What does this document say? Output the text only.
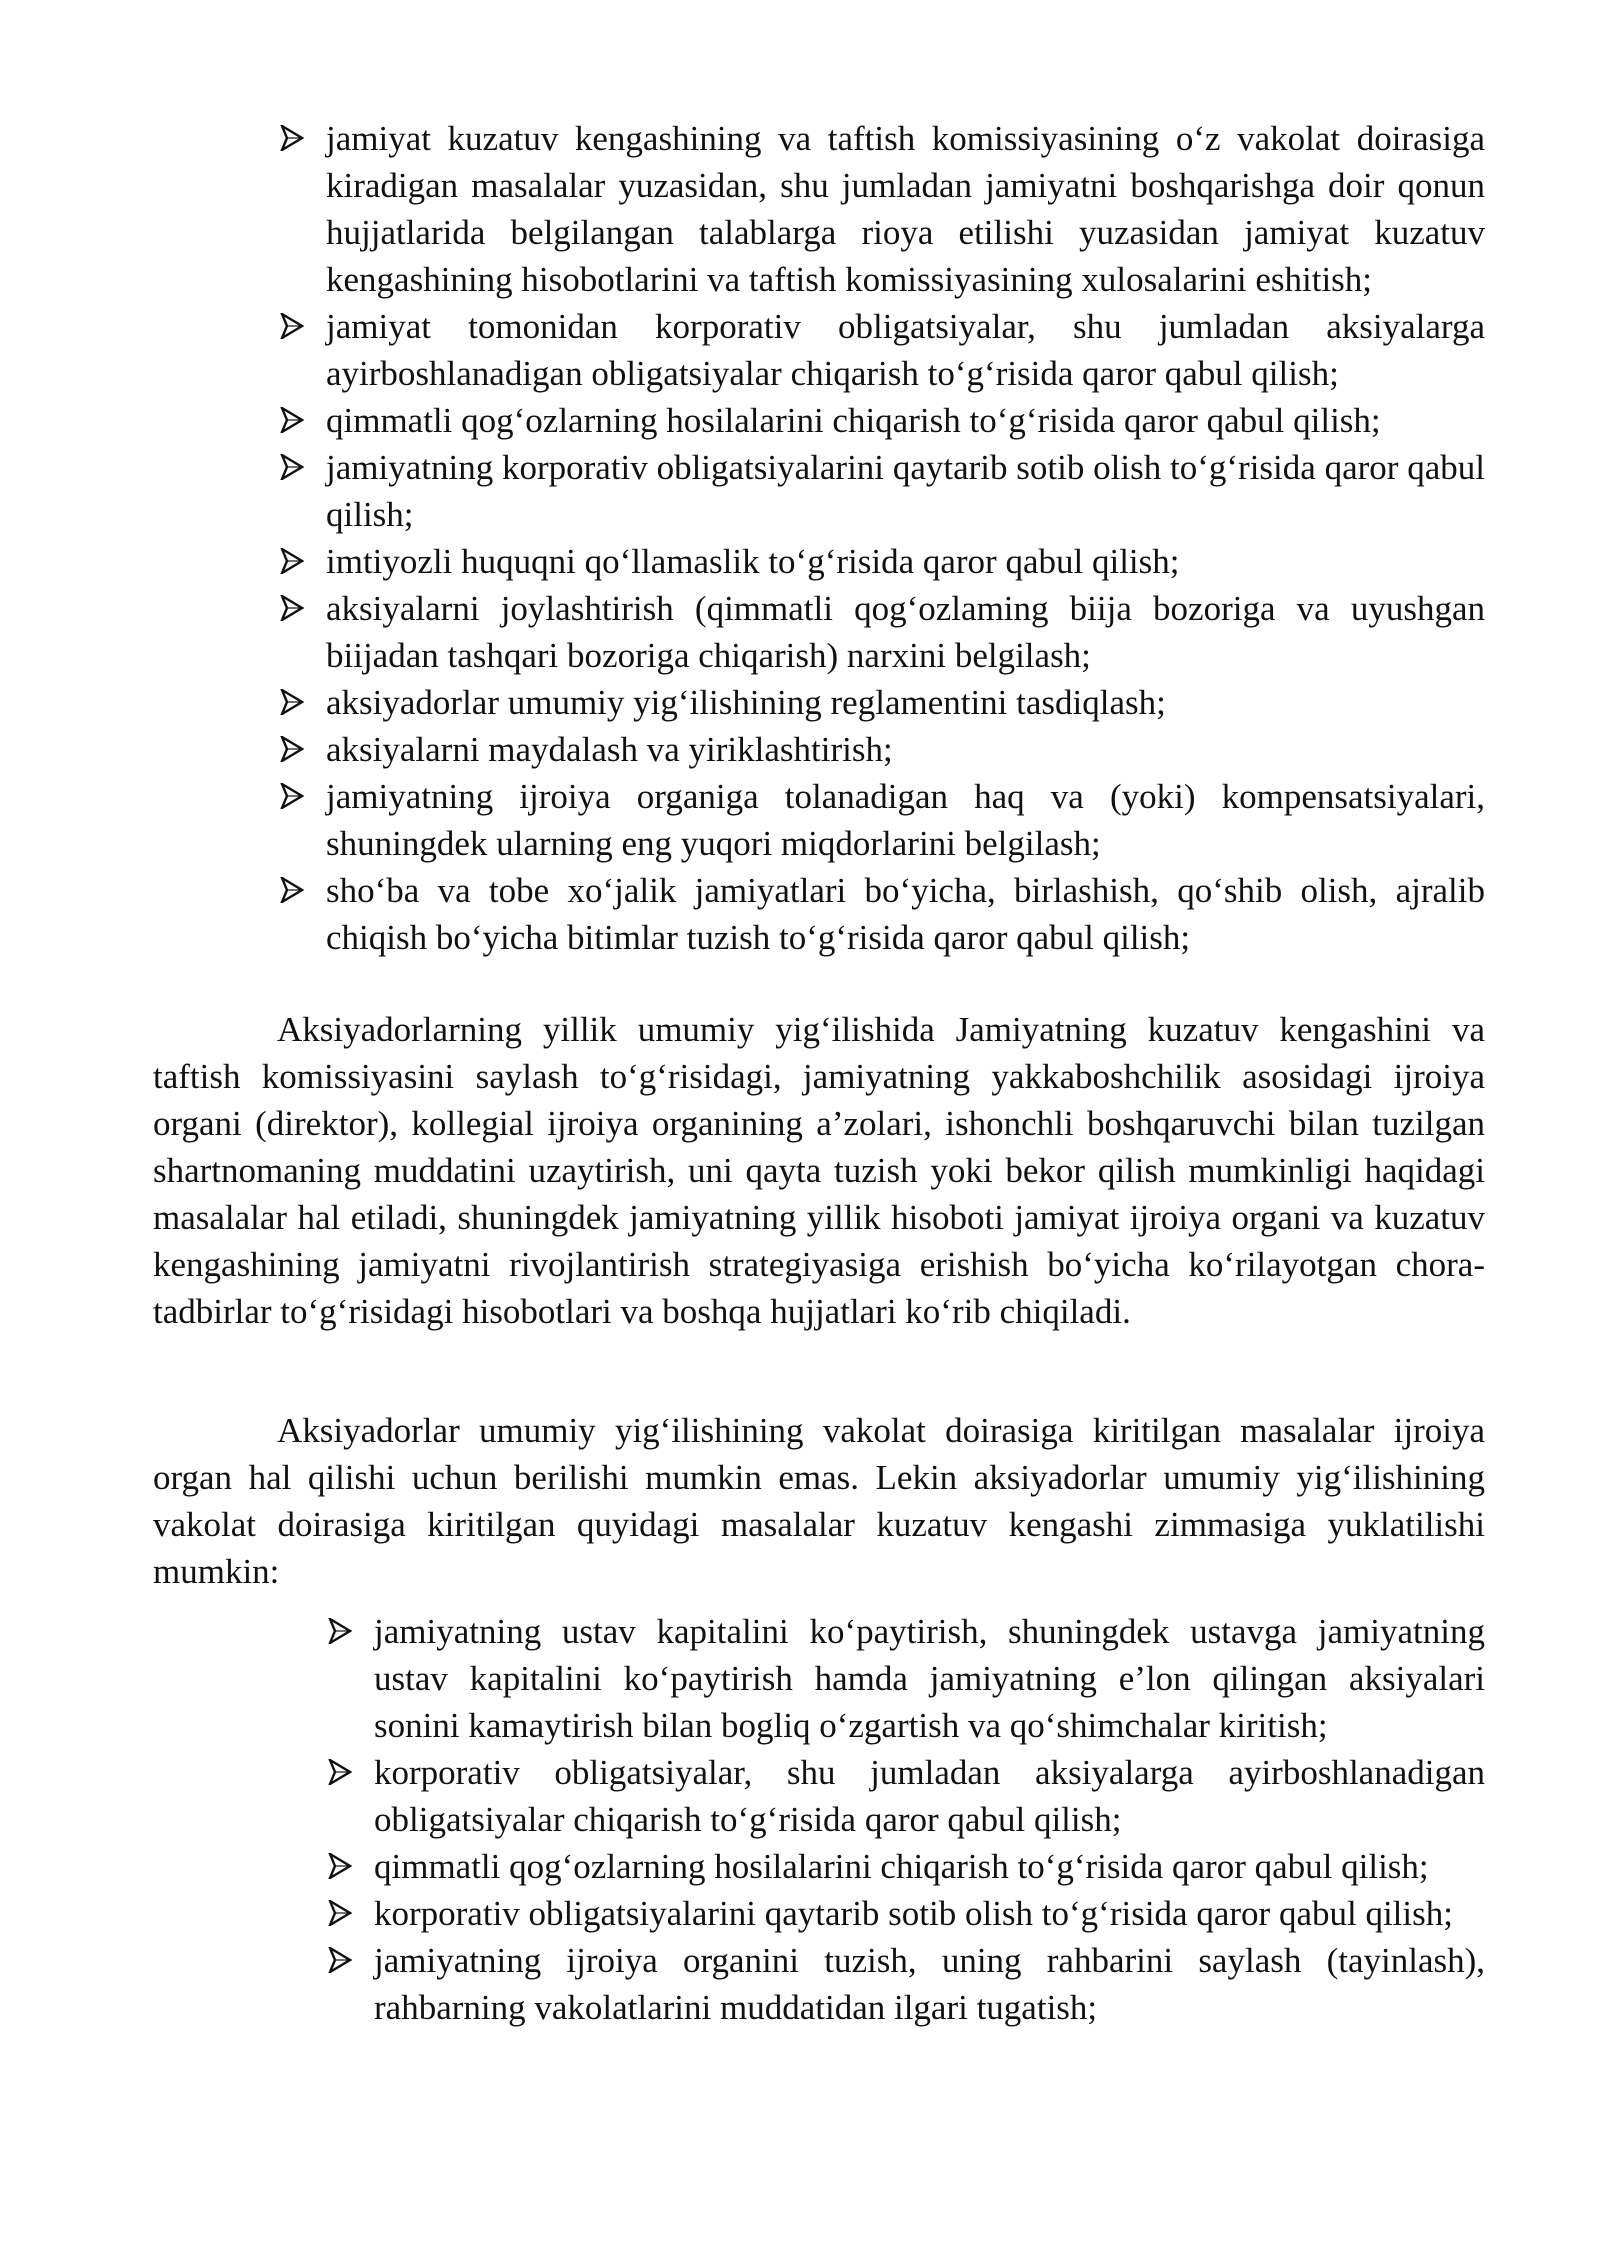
jamiyat kuzatuv kengashining va taftish komissiyasining o‘z vakolat doirasiga kiradigan masalalar yuzasidan, shu jumladan jamiyatni boshqarishga doir qonun hujjatlarida belgilangan talablarga rioya etilishi yuzasidan jamiyat kuzatuv kengashining hisobotlarini va taftish komissiyasining xulosalarini eshitish;
jamiyat tomonidan korporativ obligatsiyalar, shu jumladan aksiyalarga ayirboshlanadigan obligatsiyalar chiqarish to‘g‘risida qaror qabul qilish;
qimmatli qog‘ozlarning hosilalarini chiqarish to‘g‘risida qaror qabul qilish;
jamiyatning korporativ obligatsiyalarini qaytarib sotib olish to‘g‘risida qaror qabul qilish;
imtiyozli huquqni qo‘llamaslik to‘g‘risida qaror qabul qilish;
aksiyalarni joylashtirish (qimmatli qog‘ozlaming biija bozoriga va uyushgan biijadan tashqari bozoriga chiqarish) narxini belgilash;
aksiyadorlar umumiy yig‘ilishining reglamentini tasdiqlash;
aksiyalarni maydalash va yiriklashtirish;
jamiyatning ijroiya organiga tolanadigan haq va (yoki) kompensatsiyalari, shuningdek ularning eng yuqori miqdorlarini belgilash;
sho‘ba va tobe xo‘jalik jamiyatlari bo‘yicha, birlashish, qo‘shib olish, ajralib chiqish bo‘yicha bitimlar tuzish to‘g‘risida qaror qabul qilish;

Aksiyadorlarning yillik umumiy yig‘ilishida Jamiyatning kuzatuv kengashini va taftish komissiyasini saylash to‘g‘risidagi, jamiyatning yakkaboshchilik asosidagi ijroiya organi (direktor), kollegial ijroiya organining a’zolari, ishonchli boshqaruvchi bilan tuzilgan shartnomaning muddatini uzaytirish, uni qayta tuzish yoki bekor qilish mumkinligi haqidagi masalalar hal etiladi, shuningdek jamiyatning yillik hisoboti jamiyat ijroiya organi va kuzatuv kengashining jamiyatni rivojlantirish strategiyasiga erishish bo‘yicha ko‘rilayotgan chora-tadbirlar to‘g‘risidagi hisobotlari va boshqa hujjatlari ko‘rib chiqiladi.

Aksiyadorlar umumiy yig‘ilishining vakolat doirasiga kiritilgan masalalar ijroiya organ hal qilishi uchun berilishi mumkin emas. Lekin aksiyadorlar umumiy yig‘ilishining vakolat doirasiga kiritilgan quyidagi masalalar kuzatuv kengashi zimmasiga yuklatilishi mumkin:

jamiyatning ustav kapitalini ko‘paytirish, shuningdek ustavga jamiyatning ustav kapitalini ko‘paytirish hamda jamiyatning e’lon qilingan aksiyalari sonini kamaytirish bilan bogliq o‘zgartish va qo‘shimchalar kiritish;
korporativ obligatsiyalar, shu jumladan aksiyalarga ayirboshlanadigan obligatsiyalar chiqarish to‘g‘risida qaror qabul qilish;
qimmatli qog‘ozlarning hosilalarini chiqarish to‘g‘risida qaror qabul qilish;
korporativ obligatsiyalarini qaytarib sotib olish to‘g‘risida qaror qabul qilish;
jamiyatning ijroiya organini tuzish, uning rahbarini saylash (tayinlash), rahbarning vakolatlarini muddatidan ilgari tugatish;
